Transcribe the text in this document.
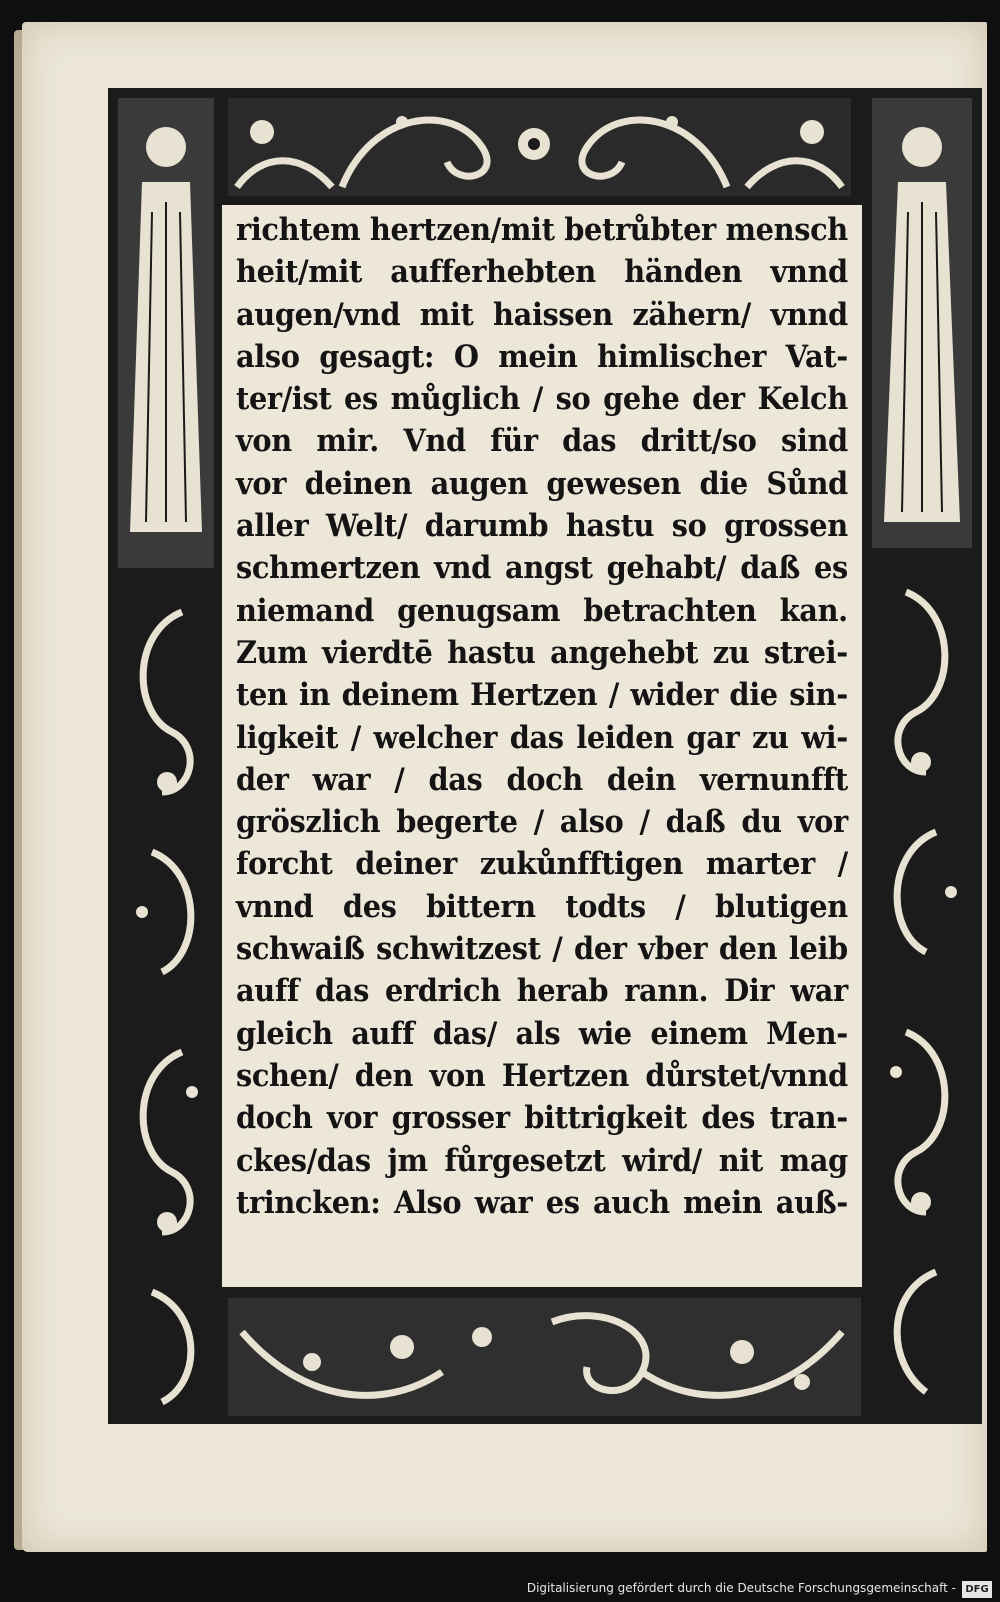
richtem hertzen/mit betrůbter mensch
heit/mit aufferhebten händen vnnd
augen/vnd mit haissen zähern/ vnnd
also gesagt: O mein himlischer Vat-
ter/ist es můglich / so gehe der Kelch
von mir. Vnd für das dritt/so sind
vor deinen augen gewesen die Sůnd
aller Welt/ darumb hastu so grossen
schmertzen vnd angst gehabt/ daß es
niemand genugsam betrachten kan.
Zum vierdtē hastu angehebt zu strei-
ten in deinem Hertzen / wider die sin-
ligkeit / welcher das leiden gar zu wi-
der war / das doch dein vernunfft
gröszlich begerte / also / daß du vor
forcht deiner zukůnfftigen marter /
vnnd des bittern todts / blutigen
schwaiß schwitzest / der vber den leib
auff das erdrich herab rann. Dir war
gleich auff das/ als wie einem Men-
schen/ den von Hertzen důrstet/vnnd
doch vor grosser bittrigkeit des tran-
ckes/das jm fůrgesetzt wird/ nit mag
trincken: Also war es auch mein auß-
Digitalisierung gefördert durch die Deutsche Forschungsgemeinschaft - DFG
